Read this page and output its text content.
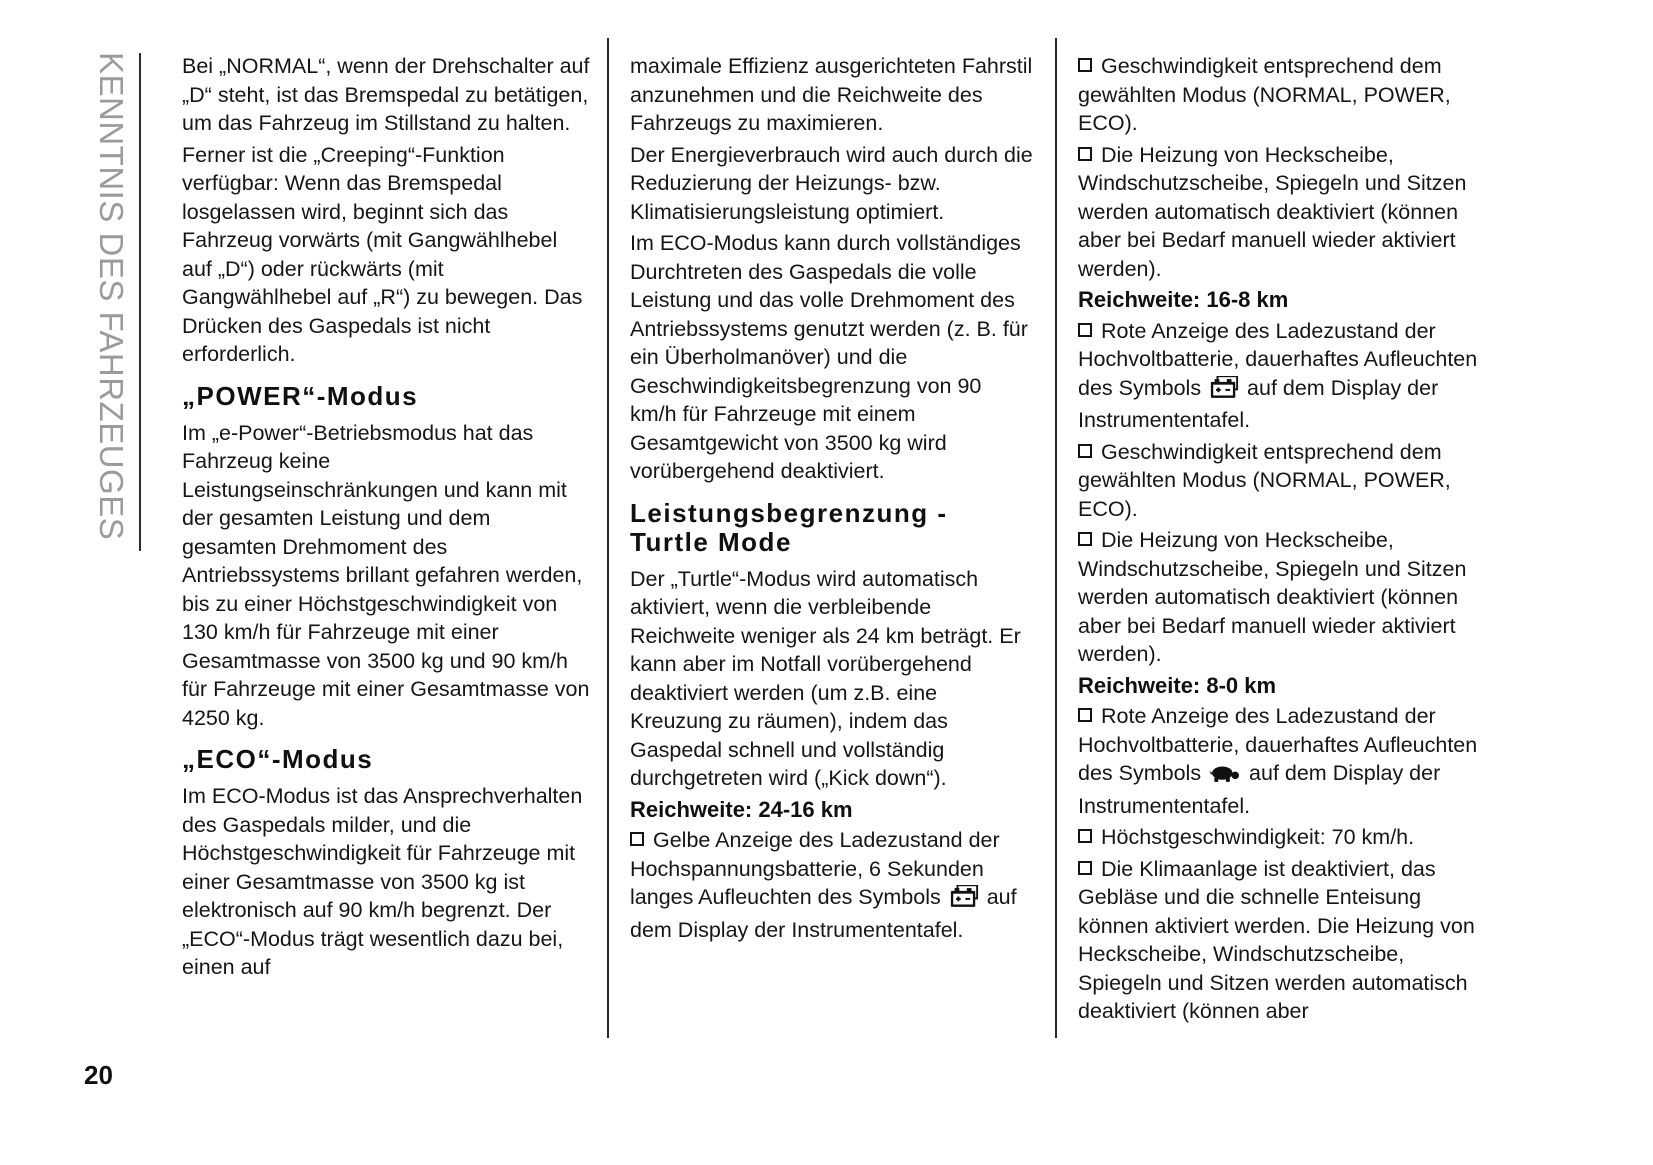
KENNTNIS DES FAHRZEUGES Bei „NORMAL“, wenn der Drehschalter auf „D“ steht, ist das Bremspedal zu betätigen, um das Fahrzeug im Stillstand zu halten.

Ferner ist die „Creeping“-Funktion verfügbar: Wenn das Bremspedal losgelassen wird, beginnt sich das Fahrzeug vorwärts (mit Gangwählhebel auf „D“) oder rückwärts (mit Gangwählhebel auf „R“) zu bewegen. Das Drücken des Gaspedals ist nicht erforderlich.

„POWER“-Modus

Im „e-Power“-Betriebsmodus hat das Fahrzeug keine Leistungseinschränkungen und kann mit der gesamten Leistung und dem gesamten Drehmoment des Antriebssystems brillant gefahren werden, bis zu einer Höchstgeschwindigkeit von 130 km/h für Fahrzeuge mit einer Gesamtmasse von 3500 kg und 90 km/h für Fahrzeuge mit einer Gesamtmasse von 4250 kg.

„ECO“-Modus

Im ECO-Modus ist das Ansprechverhalten des Gaspedals milder, und die Höchstgeschwindigkeit für Fahrzeuge mit einer Gesamtmasse von 3500 kg ist elektronisch auf 90 km/h begrenzt. Der „ECO“-Modus trägt wesentlich dazu bei, einen auf

maximale Effizienz ausgerichteten Fahrstil anzunehmen und die Reichweite des Fahrzeugs zu maximieren.

Der Energieverbrauch wird auch durch die Reduzierung der Heizungs- bzw. Klimatisierungsleistung optimiert.

Im ECO-Modus kann durch vollständiges Durchtreten des Gaspedals die volle Leistung und das volle Drehmoment des Antriebssystems genutzt werden (z. B. für ein Überholmanöver) und die Geschwindigkeitsbegrenzung von 90 km/h für Fahrzeuge mit einem Gesamtgewicht von 3500 kg wird vorübergehend deaktiviert.

Leistungsbegrenzung - Turtle Mode

Der „Turtle“-Modus wird automatisch aktiviert, wenn die verbleibende Reichweite weniger als 24 km beträgt. Er kann aber im Notfall vorübergehend deaktiviert werden (um z.B. eine Kreuzung zu räumen), indem das Gaspedal schnell und vollständig durchgetreten wird („Kick down“).

Reichweite: 24-16 km

Gelbe Anzeige des Ladezustand der Hochspannungsbatterie, 6 Sekunden langes Aufleuchten des Symbols  auf dem Display der Instrumententafel.

Geschwindigkeit entsprechend dem gewählten Modus (NORMAL, POWER, ECO).

Die Heizung von Heckscheibe, Windschutzscheibe, Spiegeln und Sitzen werden automatisch deaktiviert (können aber bei Bedarf manuell wieder aktiviert werden).

Reichweite: 16-8 km

Rote Anzeige des Ladezustand der Hochvoltbatterie, dauerhaftes Aufleuchten des Symbols  auf dem Display der Instrumententafel.

Geschwindigkeit entsprechend dem gewählten Modus (NORMAL, POWER, ECO).

Die Heizung von Heckscheibe, Windschutzscheibe, Spiegeln und Sitzen werden automatisch deaktiviert (können aber bei Bedarf manuell wieder aktiviert werden).

Reichweite: 8-0 km

Rote Anzeige des Ladezustand der Hochvoltbatterie, dauerhaftes Aufleuchten des Symbols  auf dem Display der Instrumententafel.

Höchstgeschwindigkeit: 70 km/h.

Die Klimaanlage ist deaktiviert, das Gebläse und die schnelle Enteisung können aktiviert werden. Die Heizung von Heckscheibe, Windschutzscheibe, Spiegeln und Sitzen werden automatisch deaktiviert (können aber

20
